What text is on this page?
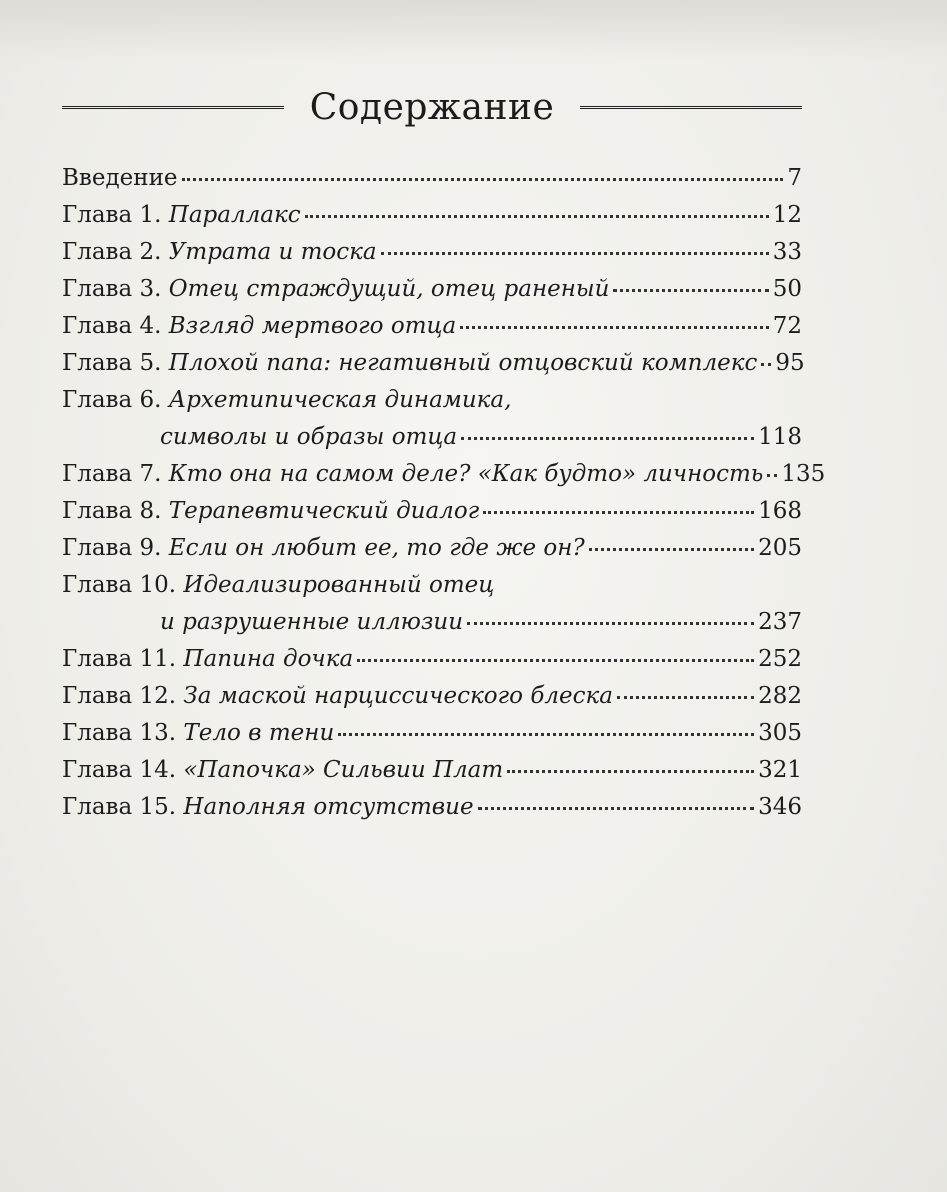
Содержание
Введение	7
Глава 1. Параллакс	12
Глава 2. Утрата и тоска	33
Глава 3. Отец страждущий, отец раненый	50
Глава 4. Взгляд мертвого отца	72
Глава 5. Плохой папа: негативный отцовский комплекс 95
Глава 6. Архетипическая динамика,
символы и образы отца	118
Глава 7. Кто она на самом деле? «Как будто» личность 135
Глава 8. Терапевтический диалог	168
Глава 9. Если он любит ее, то где же он?	205
Глава 10. Идеализированный отец
и разрушенные иллюзии	237
Глава 11. Папина дочка	252
Глава 12. За маской нарциссического блеска	282
Глава 13. Тело в тени	305
Глава 14. «Папочка» Сильвии Плат	321
Глава 15. Наполняя отсутствие	346
